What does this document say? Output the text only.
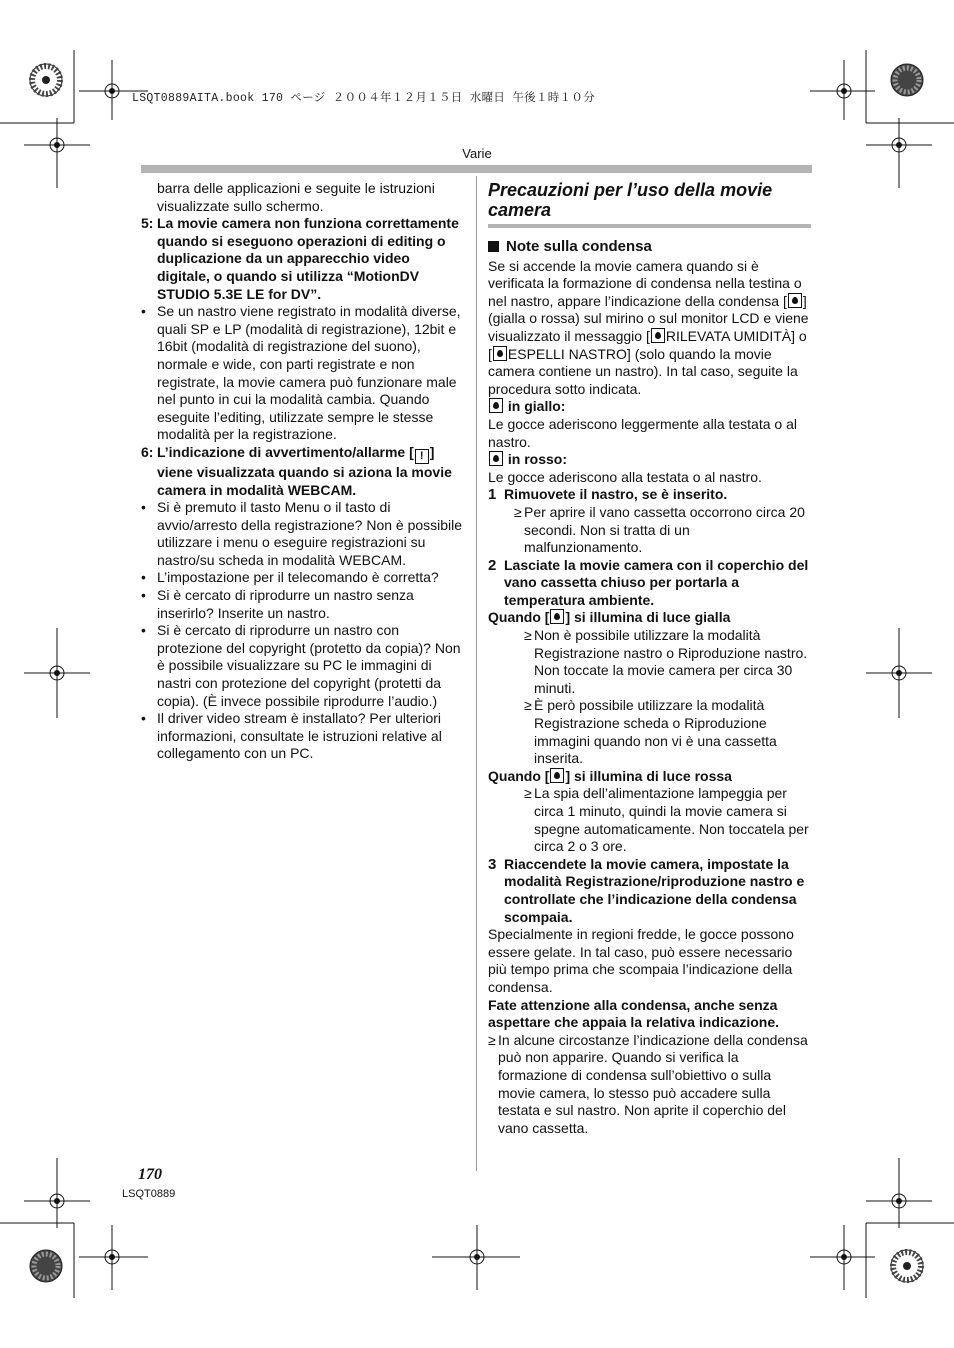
LSQT0889AITA.book 170 ページ ２００４年１２月１５日 水曜日 午後１時１０分
Varie

barra delle applicazioni e seguite le istruzioni visualizzate sullo schermo.

5: La movie camera non funziona correttamente quando si eseguono operazioni di editing o duplicazione da un apparecchio video digitale, o quando si utilizza “MotionDV STUDIO 5.3E LE for DV”.
• Se un nastro viene registrato in modalità diverse, quali SP e LP (modalità di registrazione), 12bit e 16bit (modalità di registrazione del suono), normale e wide, con parti registrate e non registrate, la movie camera può funzionare male nel punto in cui la modalità cambia. Quando eseguite l’editing, utilizzate sempre le stesse modalità per la registrazione.
6: L’indicazione di avvertimento/allarme [ ! ] viene visualizzata quando si aziona la movie camera in modalità WEBCAM.
• Si è premuto il tasto Menu o il tasto di avvio/arresto della registrazione? Non è possibile utilizzare i menu o eseguire registrazioni su nastro/su scheda in modalità WEBCAM.
• L’impostazione per il telecomando è corretta?
• Si è cercato di riprodurre un nastro senza inserirlo? Inserite un nastro.
• Si è cercato di riprodurre un nastro con protezione del copyright (protetto da copia)? Non è possibile visualizzare su PC le immagini di nastri con protezione del copyright (protetti da copia). (È invece possibile riprodurre l’audio.)
• Il driver video stream è installato? Per ulteriori informazioni, consultate le istruzioni relative al collegamento con un PC.

Precauzioni per l’uso della movie camera

Note sulla condensa

Se si accende la movie camera quando si è verificata la formazione di condensa nella testina o nel nastro, appare l’indicazione della condensa [ ] (gialla o rossa) sul mirino o sul monitor LCD e viene visualizzato il messaggio [ RILEVATA UMIDITÀ] o [ ESPELLI NASTRO] (solo quando la movie camera contiene un nastro). In tal caso, seguite la procedura sotto indicata.

in giallo:

Le gocce aderiscono leggermente alla testata o al nastro.

in rosso:

Le gocce aderiscono alla testata o al nastro.

1 Rimuovete il nastro, se è inserito.
≥ Per aprire il vano cassetta occorrono circa 20 secondi. Non si tratta di un malfunzionamento.
2 Lasciate la movie camera con il coperchio del vano cassetta chiuso per portarla a temperatura ambiente.

Quando [ ] si illumina di luce gialla

≥ Non è possibile utilizzare la modalità Registrazione nastro o Riproduzione nastro. Non toccate la movie camera per circa 30 minuti.
≥ È però possibile utilizzare la modalità Registrazione scheda o Riproduzione immagini quando non vi è una cassetta inserita.

Quando [ ] si illumina di luce rossa

≥ La spia dell’alimentazione lampeggia per circa 1 minuto, quindi la movie camera si spegne automaticamente. Non toccatela per circa 2 o 3 ore.
3 Riaccendete la movie camera, impostate la modalità Registrazione/riproduzione nastro e controllate che l’indicazione della condensa scompaia.

Specialmente in regioni fredde, le gocce possono essere gelate. In tal caso, può essere necessario più tempo prima che scompaia l’indicazione della condensa.

Fate attenzione alla condensa, anche senza aspettare che appaia la relativa indicazione.

≥ In alcune circostanze l’indicazione della condensa può non apparire. Quando si verifica la formazione di condensa sull’obiettivo o sulla movie camera, lo stesso può accadere sulla testata e sul nastro. Non aprite il coperchio del vano cassetta.
170
LSQT0889
